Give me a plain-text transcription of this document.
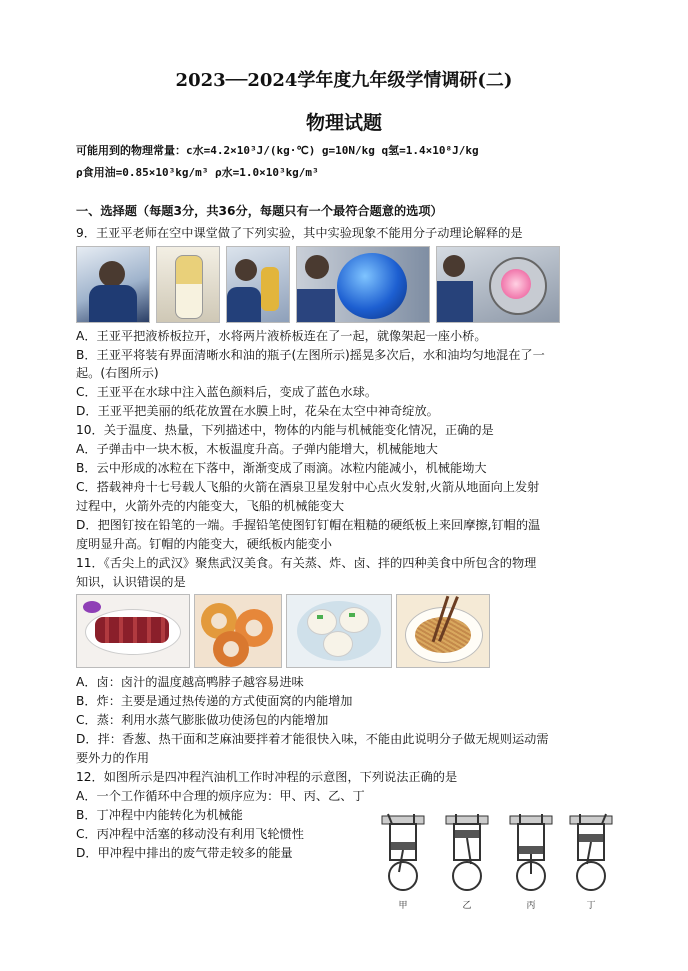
2023──2024学年度九年级学情调研(二)
物理试题
可能用到的物理常量：c水=4.2×10³J/(kg·℃) g=10N/kg q氢=1.4×10⁸J/kg
ρ食用油=0.85×10³kg/m³ ρ水=1.0×10³kg/m³
一、选择题（每题3分，共36分，每题只有一个最符合题意的选项）
9．王亚平老师在空中课堂做了下列实验，其中实验现象不能用分子动理论解释的是
A．王亚平把液桥板拉开，水将两片液桥板连在了一起，就像架起一座小桥。
B．王亚平将装有界面清晰水和油的瓶子(左图所示)摇晃多次后，水和油均匀地混在了一
起。(右图所示)
C．王亚平在水球中注入蓝色颜料后，变成了蓝色水球。
D．王亚平把美丽的纸花放置在水膜上时，花朵在太空中神奇绽放。
10．关于温度、热量，下列描述中，物体的内能与机械能变化情况，正确的是
A．子弹击中一块木板，木板温度升高。子弹内能增大，机械能地大
B．云中形成的冰粒在下落中，渐渐变成了雨滴。冰粒内能减小，机械能坳大
C．搭载神舟十七号载人飞船的火箭在酒泉卫星发射中心点火发射,火箭从地面向上发射
过程中，火箭外壳的内能变大，飞船的机械能变大
D．把图钉按在铅笔的一端。手握铅笔使图钉钉帽在粗糙的硬纸板上来回摩擦,钉帽的温
度明显升高。钉帽的内能变大，硬纸板内能变小
11．《舌尖上的武汉》聚焦武汉美食。有关蒸、炸、卤、拌的四种美食中所包含的物理
知识，认识错误的是
A．卤：卤汁的温度越高鸭脖子越容易进味
B．炸：主要是通过热传递的方式使面窝的内能增加
C．蒸：利用水蒸气膨胀做功使汤包的内能增加
D．拌：香葱、热干面和芝麻油要拌着才能很快入味，不能由此说明分子做无规则运动需
要外力的作用
12．如图所示是四冲程汽油机工作时冲程的示意图，下列说法正确的是
A．一个工作循环中合理的烦序应为：甲、丙、乙、丁
B．丁冲程中内能转化为机械能
C．丙冲程中活塞的移动没有利用飞轮惯性
D．甲冲程中排出的废气带走较多的能量
甲	乙	丙	丁
